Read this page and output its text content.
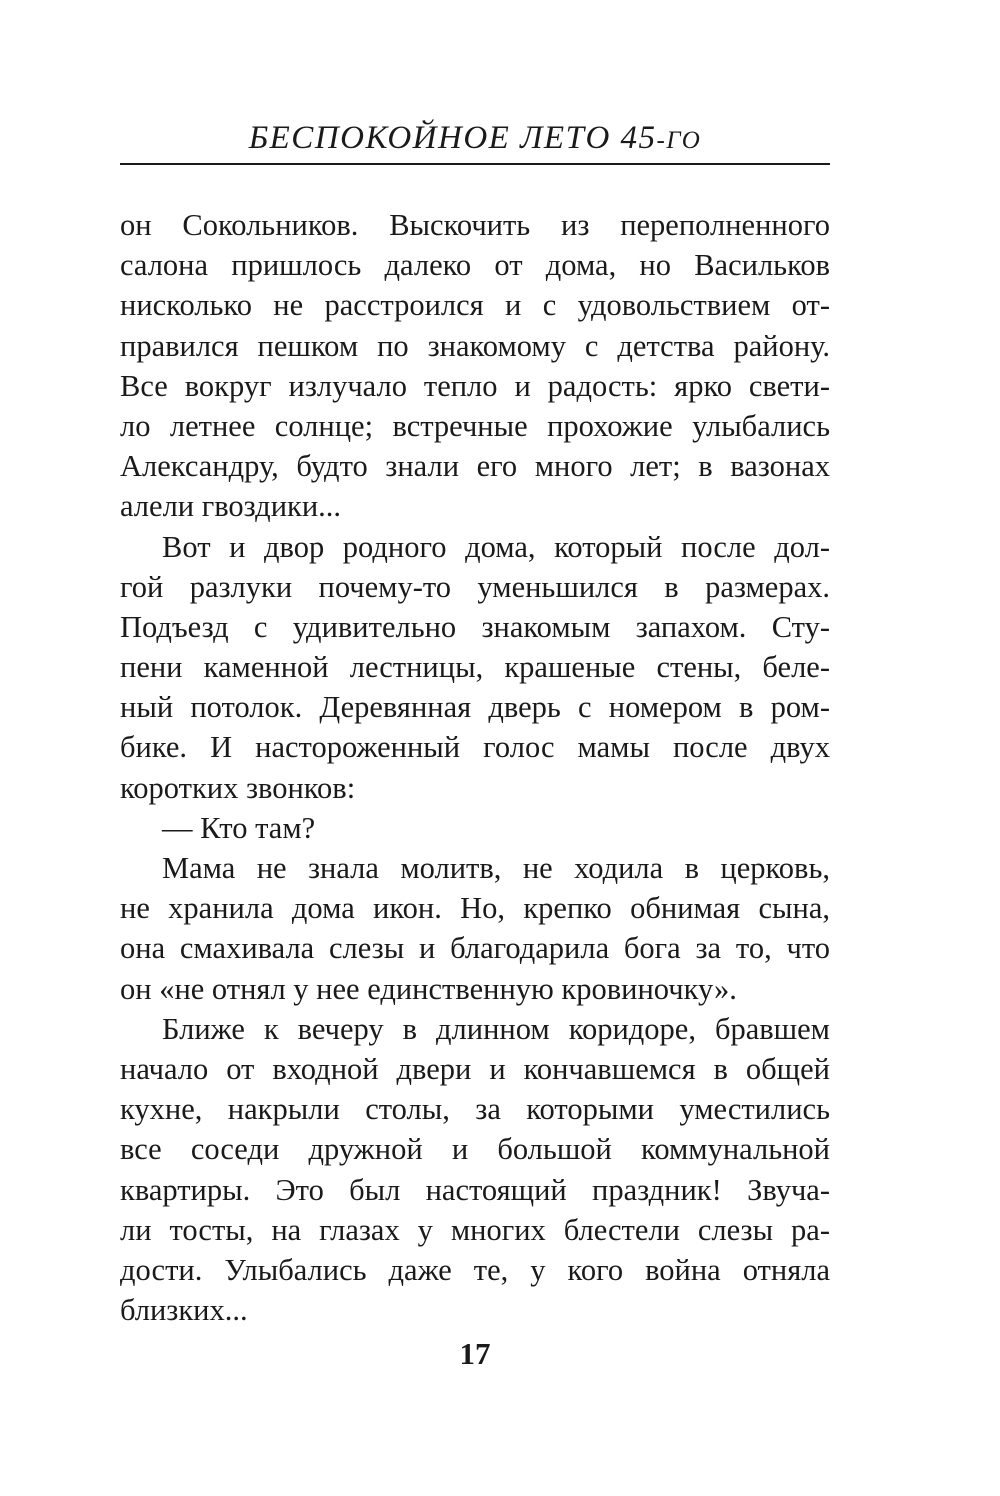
БЕСПОКОЙНОЕ ЛЕТО 45-ГО
он Сокольников. Выскочить из переполненного
салона пришлось далеко от дома, но Васильков
нисколько не расстроился и с удовольствием от-
правился пешком по знакомому с детства району.
Все вокруг излучало тепло и радость: ярко свети-
ло летнее солнце; встречные прохожие улыбались
Александру, будто знали его много лет; в вазонах
алели гвоздики...
Вот и двор родного дома, который после дол-
гой разлуки почему-то уменьшился в размерах.
Подъезд с удивительно знакомым запахом. Сту-
пени каменной лестницы, крашеные стены, беле-
ный потолок. Деревянная дверь с номером в ром-
бике. И настороженный голос мамы после двух
коротких звонков:
— Кто там?
Мама не знала молитв, не ходила в церковь,
не хранила дома икон. Но, крепко обнимая сына,
она смахивала слезы и благодарила бога за то, что
он «не отнял у нее единственную кровиночку».
Ближе к вечеру в длинном коридоре, бравшем
начало от входной двери и кончавшемся в общей
кухне, накрыли столы, за которыми уместились
все соседи дружной и большой коммунальной
квартиры. Это был настоящий праздник! Звуча-
ли тосты, на глазах у многих блестели слезы ра-
дости. Улыбались даже те, у кого война отняла
близких...
17
